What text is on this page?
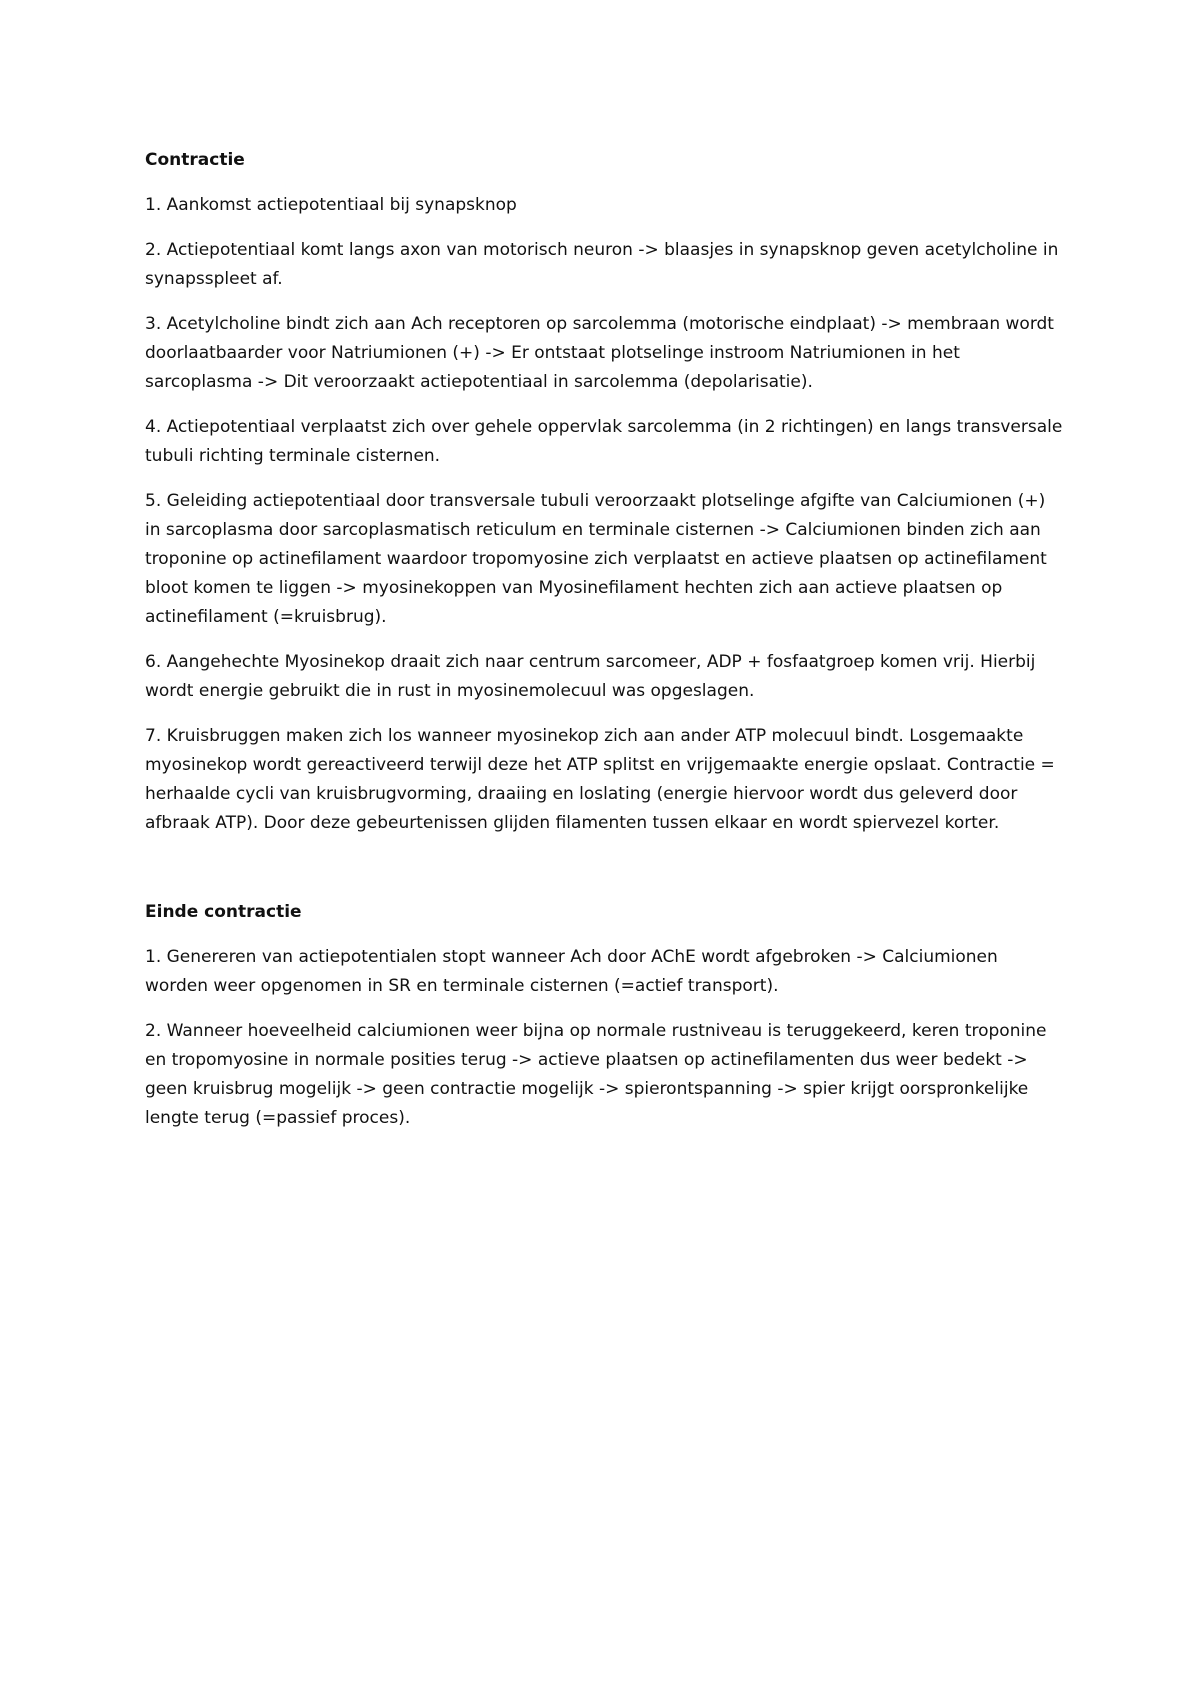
Contractie
1. Aankomst actiepotentiaal bij synapsknop
2. Actiepotentiaal komt langs axon van motorisch neuron -> blaasjes in synapsknop geven acetylcholine in synapsspleet af.
3. Acetylcholine bindt zich aan Ach receptoren op sarcolemma (motorische eindplaat) -> membraan wordt doorlaatbaarder voor Natriumionen (+) -> Er ontstaat plotselinge instroom Natriumionen in het sarcoplasma -> Dit veroorzaakt actiepotentiaal in sarcolemma (depolarisatie).
4. Actiepotentiaal verplaatst zich over gehele oppervlak sarcolemma (in 2 richtingen) en langs transversale tubuli richting terminale cisternen.
5. Geleiding actiepotentiaal door transversale tubuli veroorzaakt plotselinge afgifte van Calciumionen (+) in sarcoplasma door sarcoplasmatisch reticulum en terminale cisternen -> Calciumionen binden zich aan troponine op actinefilament waardoor tropomyosine zich verplaatst en actieve plaatsen op actinefilament bloot komen te liggen -> myosinekoppen van Myosinefilament hechten zich aan actieve plaatsen op actinefilament (=kruisbrug).
6. Aangehechte Myosinekop draait zich naar centrum sarcomeer, ADP + fosfaatgroep komen vrij. Hierbij wordt energie gebruikt die in rust in myosinemolecuul was opgeslagen.
7. Kruisbruggen maken zich los wanneer myosinekop zich aan ander ATP molecuul bindt. Losgemaakte myosinekop wordt gereactiveerd terwijl deze het ATP splitst en vrijgemaakte energie opslaat. Contractie = herhaalde cycli van kruisbrugvorming, draaiing en loslating (energie hiervoor wordt dus geleverd door afbraak ATP). Door deze gebeurtenissen glijden filamenten tussen elkaar en wordt spiervezel korter.
Einde contractie
1. Genereren van actiepotentialen stopt wanneer Ach door AChE wordt afgebroken -> Calciumionen worden weer opgenomen in SR en terminale cisternen (=actief transport).
2. Wanneer hoeveelheid calciumionen weer bijna op normale rustniveau is teruggekeerd, keren troponine en tropomyosine in normale posities terug -> actieve plaatsen op actinefilamenten dus weer bedekt -> geen kruisbrug mogelijk -> geen contractie mogelijk -> spierontspanning -> spier krijgt oorspronkelijke lengte terug (=passief proces).
